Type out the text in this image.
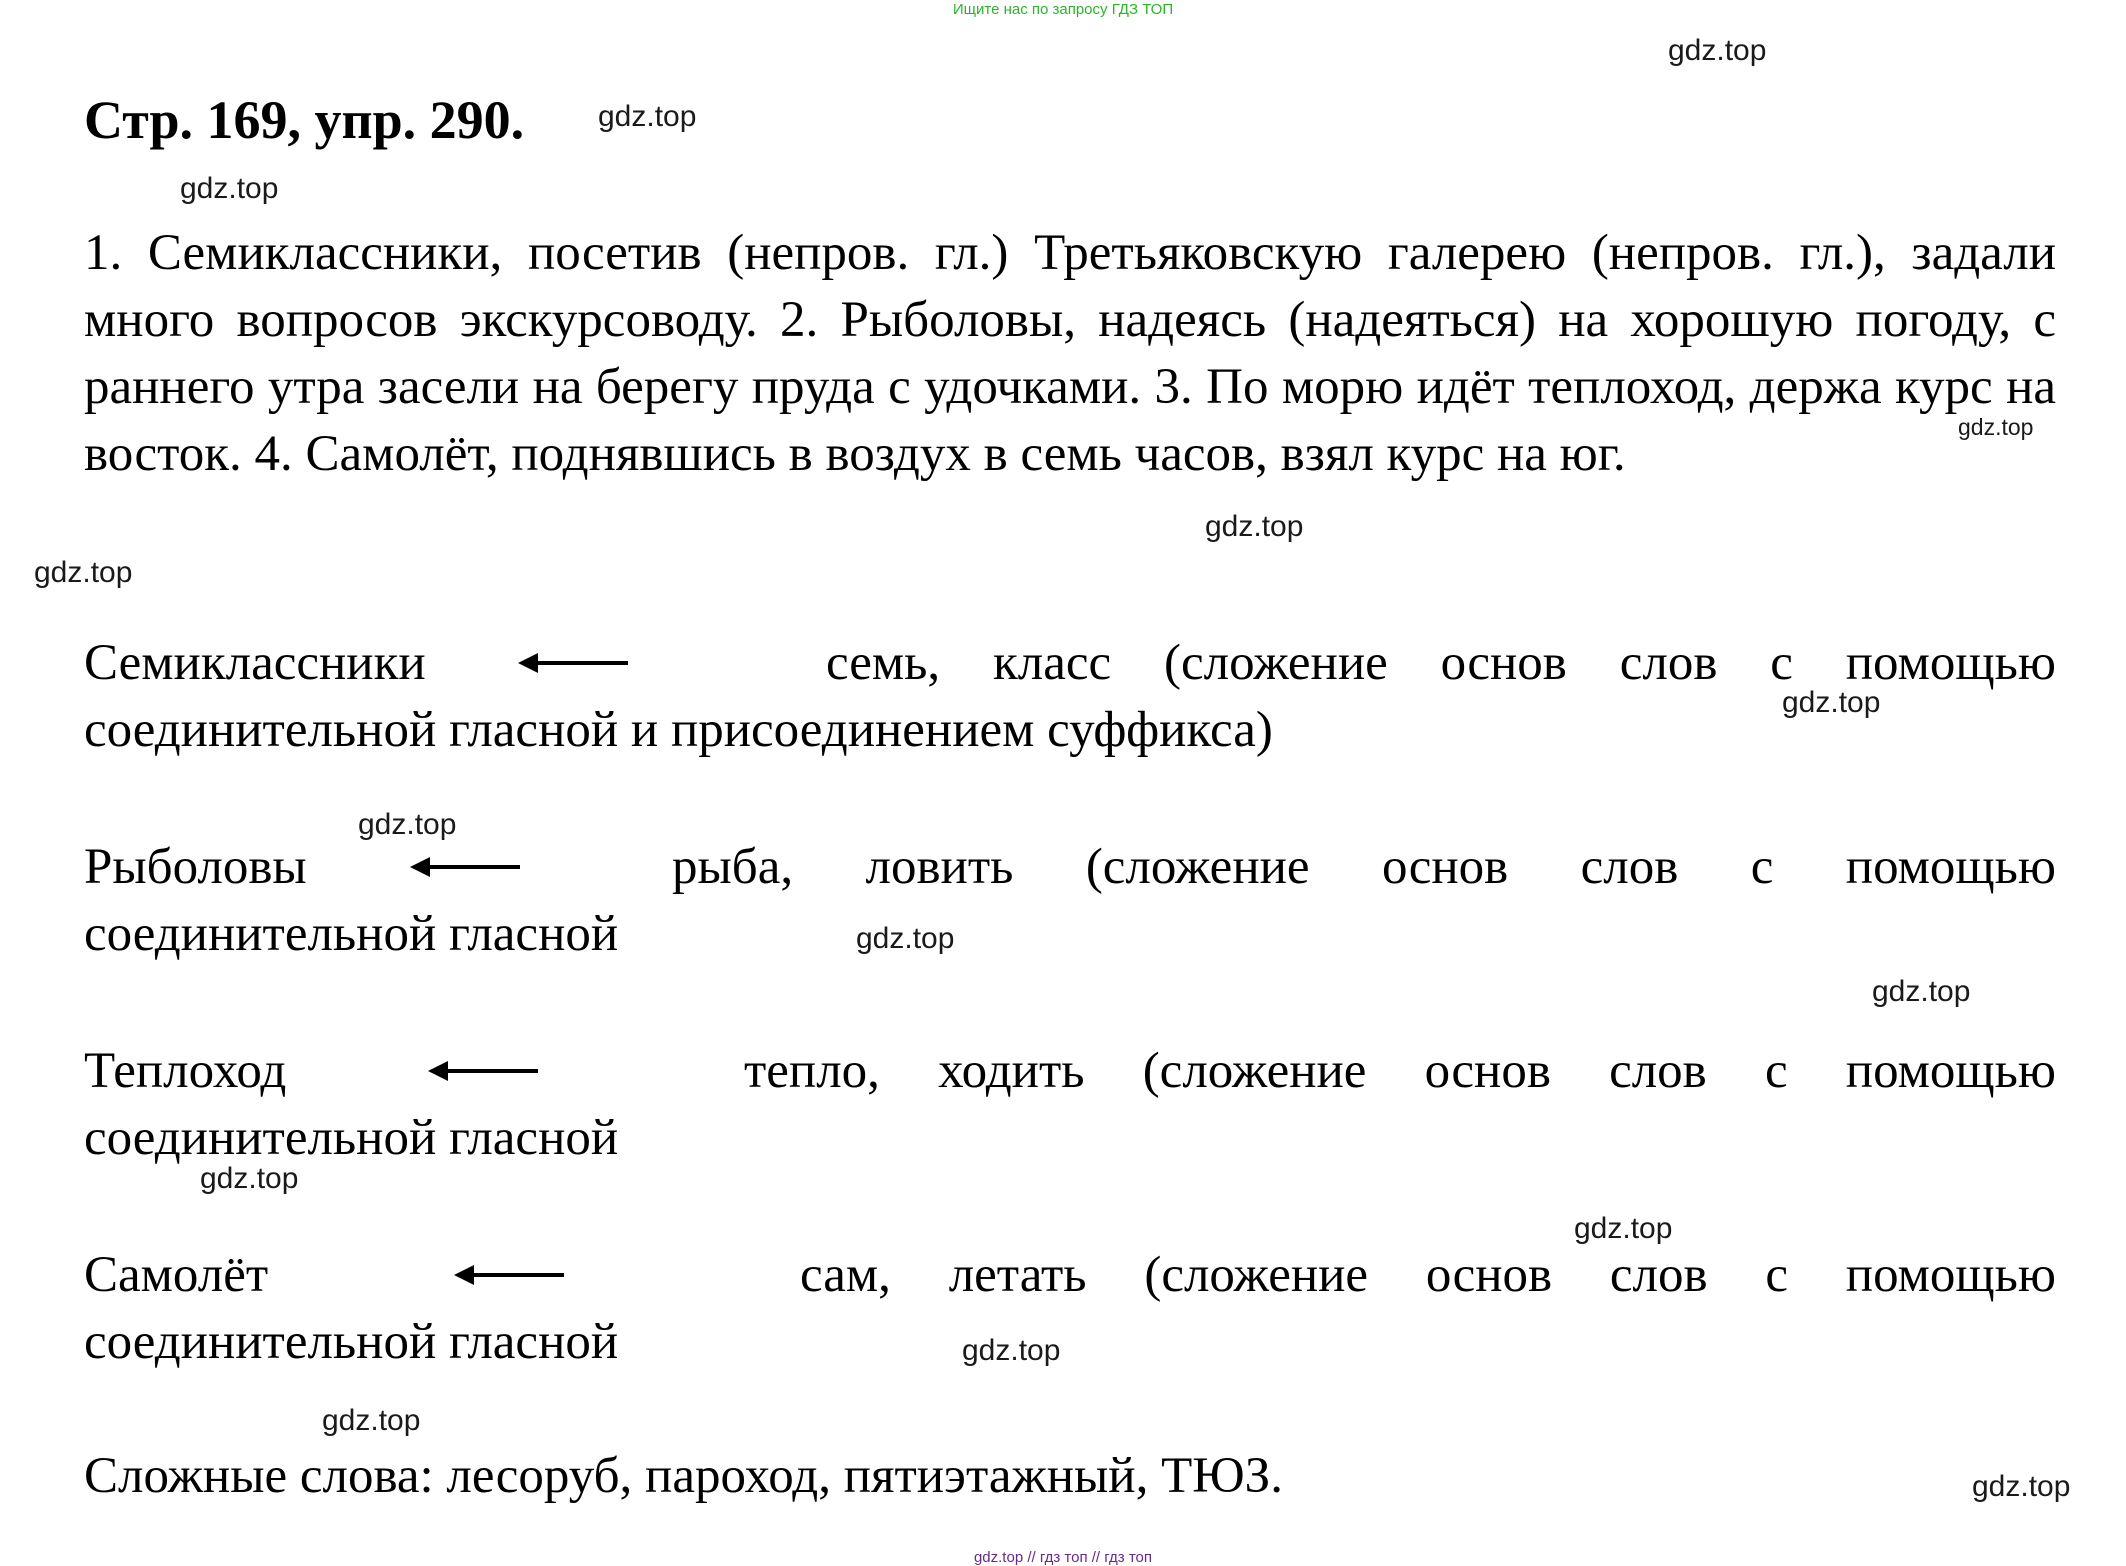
Ищите нас по запросу ГДЗ ТОП
gdz.top
Стр. 169, упр. 290. gdz.top
gdz.top

1. Семиклассники, посетив (непров. гл.) Третьяковскую галерею (непров. гл.), задали много вопросов экскурсоводу. 2. Рыболовы, надеясь (надеяться) на хорошую погоду, с раннего утра засели на берегу пруда с удочками. 3. По морю идёт теплоход, держа курс на восток. 4. Самолёт, поднявшись в воздух в семь часов, взял курс на юг.	gdz.top
gdz.top
gdz.top
Семиклассники	семь, класс (сложение основ слов с помощью соединительной гласной и присоединением суффикса)	gdz.top
gdz.top
Рыболовы	рыба, ловить (сложение основ слов с помощью соединительной гласной	gdz.top
gdz.top
Теплоход	тепло, ходить (сложение основ слов с помощью соединительной гласной
gdz.top
gdz.top
Самолёт	сам, летать (сложение основ слов с помощью соединительной гласной	gdz.top
gdz.top

Сложные слова: лесоруб, пароход, пятиэтажный, ТЮЗ.	gdz.top
gdz.top // гдз топ // гдз топ
